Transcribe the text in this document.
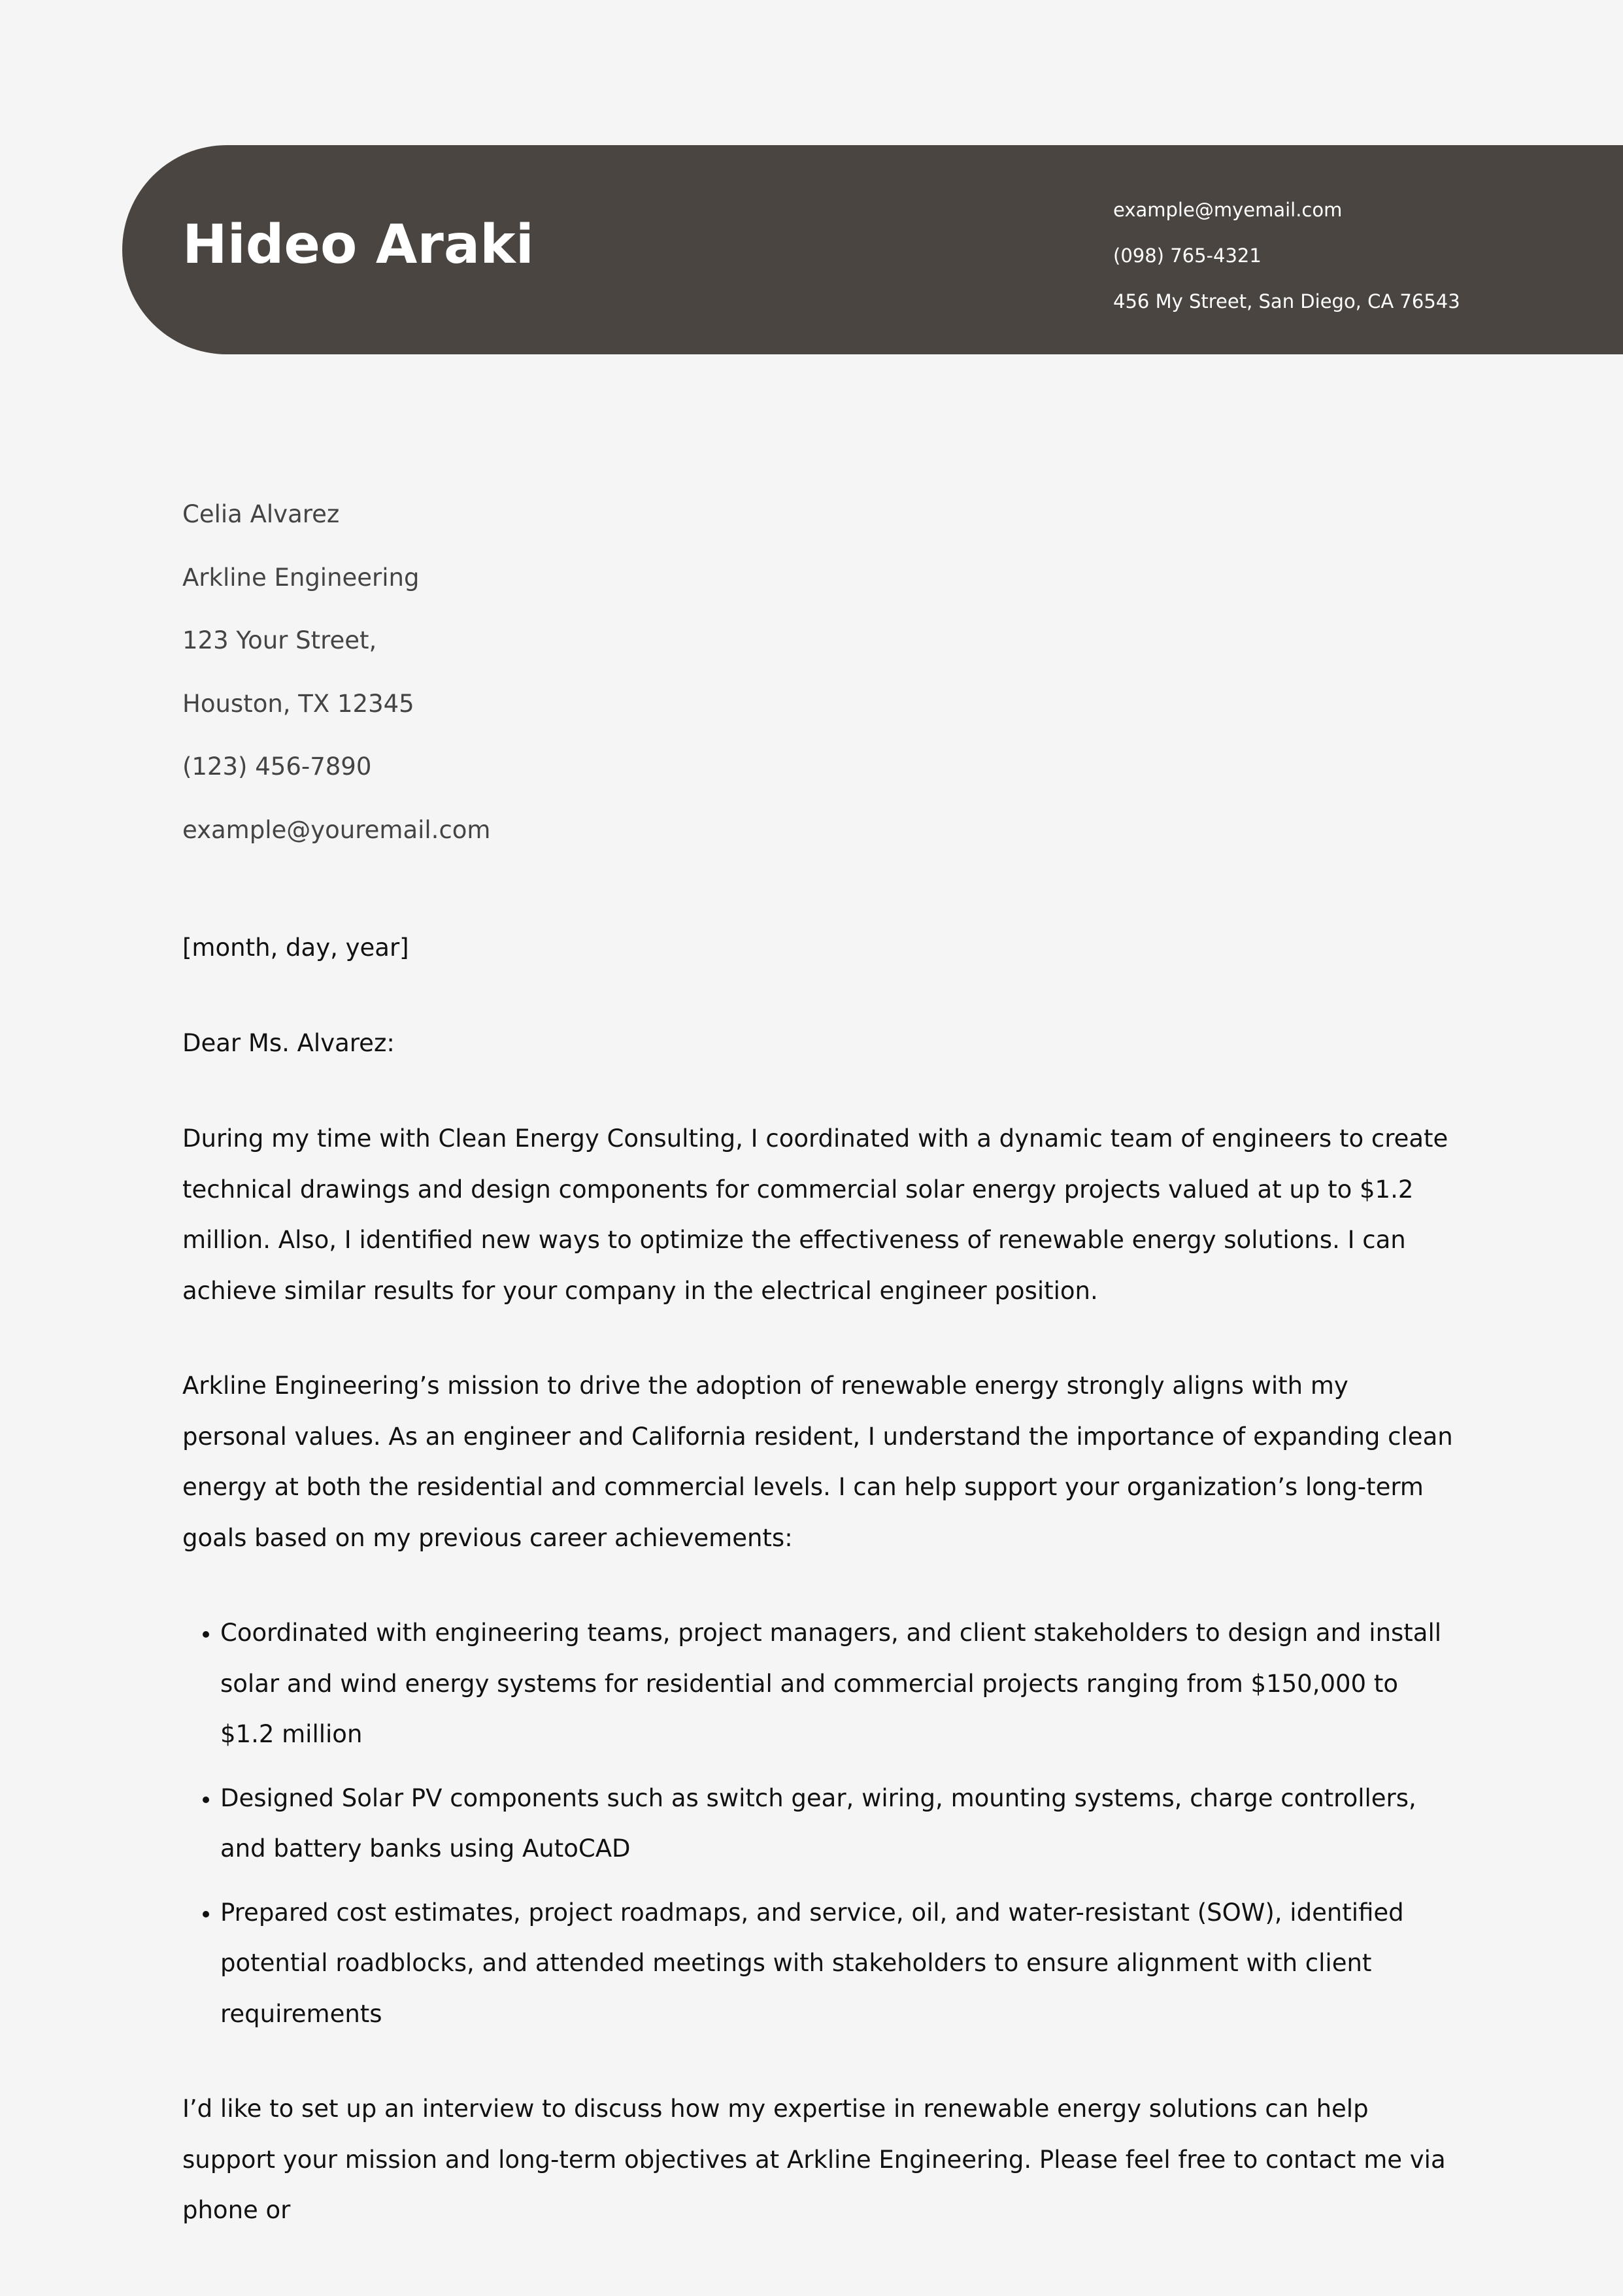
Hideo Araki
example@myemail.com
(098) 765-4321
456 My Street, San Diego, CA 76543
Celia Alvarez
Arkline Engineering
123 Your Street,
Houston, TX 12345
(123) 456-7890
example@youremail.com

[month, day, year]

Dear Ms. Alvarez:

During my time with Clean Energy Consulting, I coordinated with a dynamic team of engineers to create technical drawings and design components for commercial solar energy projects valued at up to $1.2 million. Also, I identified new ways to optimize the effectiveness of renewable energy solutions. I can achieve similar results for your company in the electrical engineer position.

Arkline Engineering’s mission to drive the adoption of renewable energy strongly aligns with my personal values. As an engineer and California resident, I understand the importance of expanding clean energy at both the residential and commercial levels. I can help support your organization’s long-term goals based on my previous career achievements:

• Coordinated with engineering teams, project managers, and client stakeholders to design and install solar and wind energy systems for residential and commercial projects ranging from $150,000 to $1.2 million
• Designed Solar PV components such as switch gear, wiring, mounting systems, charge controllers, and battery banks using AutoCAD
• Prepared cost estimates, project roadmaps, and service, oil, and water-resistant (SOW), identified potential roadblocks, and attended meetings with stakeholders to ensure alignment with client requirements

I’d like to set up an interview to discuss how my expertise in renewable energy solutions can help support your mission and long-term objectives at Arkline Engineering. Please feel free to contact me via phone or
